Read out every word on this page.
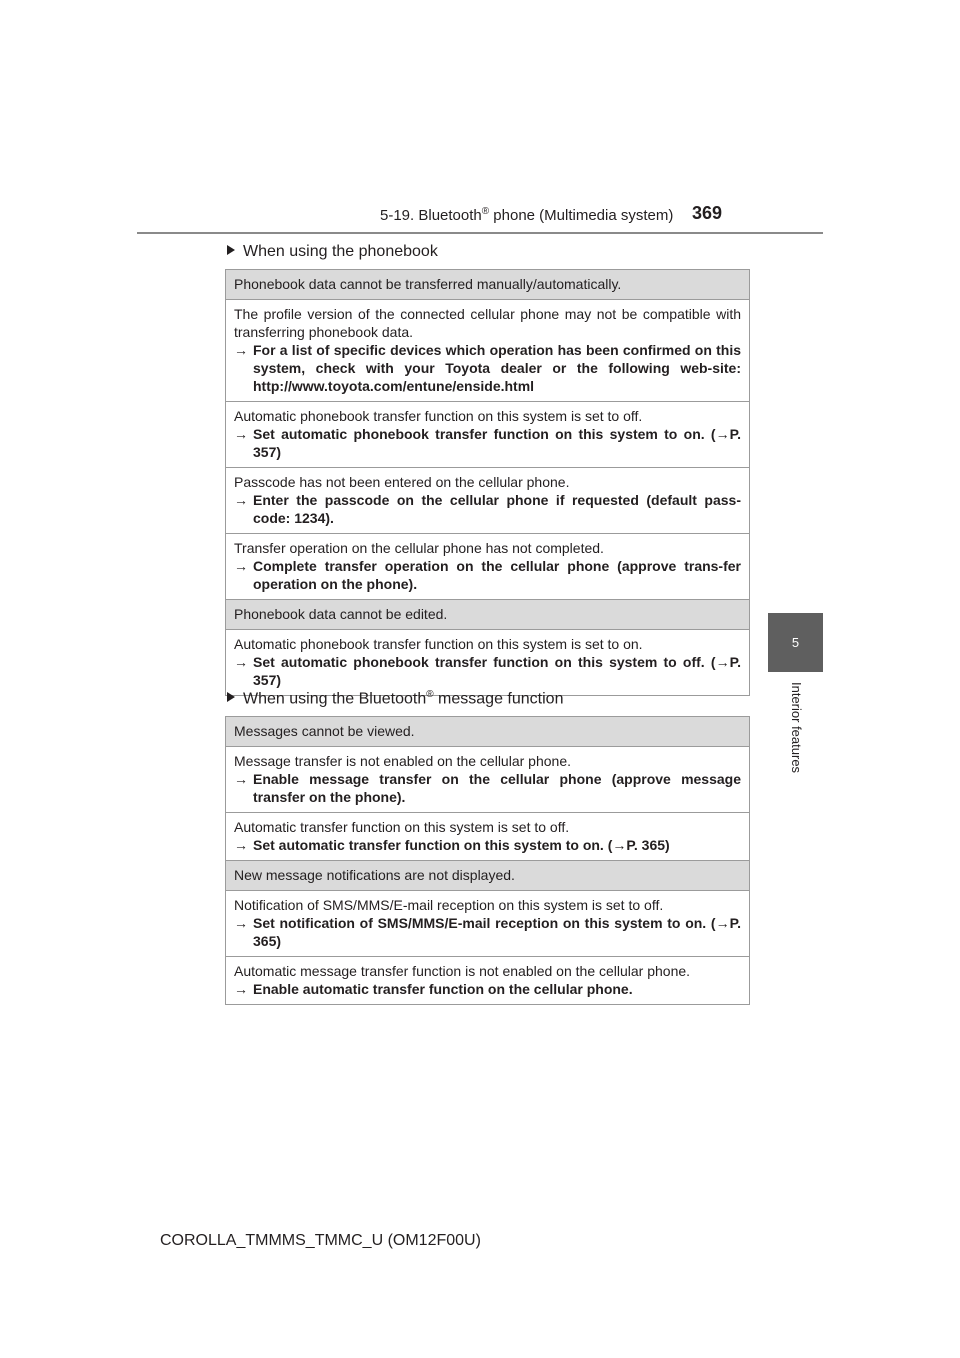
5-19. Bluetooth® phone (Multimedia system) 369
5
Interior features
When using the phonebook
Phonebook data cannot be transferred manually/automatically.

The profile version of the connected cellular phone may not be compatible with transferring phonebook data.
→ For a list of specific devices which operation has been confirmed on this system, check with your Toyota dealer or the following web-site: http://www.toyota.com/entune/enside.html

Automatic phonebook transfer function on this system is set to off.
→ Set automatic phonebook transfer function on this system to on. (→P. 357)

Passcode has not been entered on the cellular phone.
→ Enter the passcode on the cellular phone if requested (default pass-code: 1234).

Transfer operation on the cellular phone has not completed.
→ Complete transfer operation on the cellular phone (approve trans-fer operation on the phone).

Phonebook data cannot be edited.

Automatic phonebook transfer function on this system is set to on.
→ Set automatic phonebook transfer function on this system to off. (→P. 357)
When using the Bluetooth® message function
Messages cannot be viewed.

Message transfer is not enabled on the cellular phone.
→ Enable message transfer on the cellular phone (approve message transfer on the phone).

Automatic transfer function on this system is set to off.
→ Set automatic transfer function on this system to on. (→P. 365)

New message notifications are not displayed.

Notification of SMS/MMS/E-mail reception on this system is set to off.
→ Set notification of SMS/MMS/E-mail reception on this system to on. (→P. 365)

Automatic message transfer function is not enabled on the cellular phone.
→ Enable automatic transfer function on the cellular phone.
COROLLA_TMMMS_TMMC_U (OM12F00U)
